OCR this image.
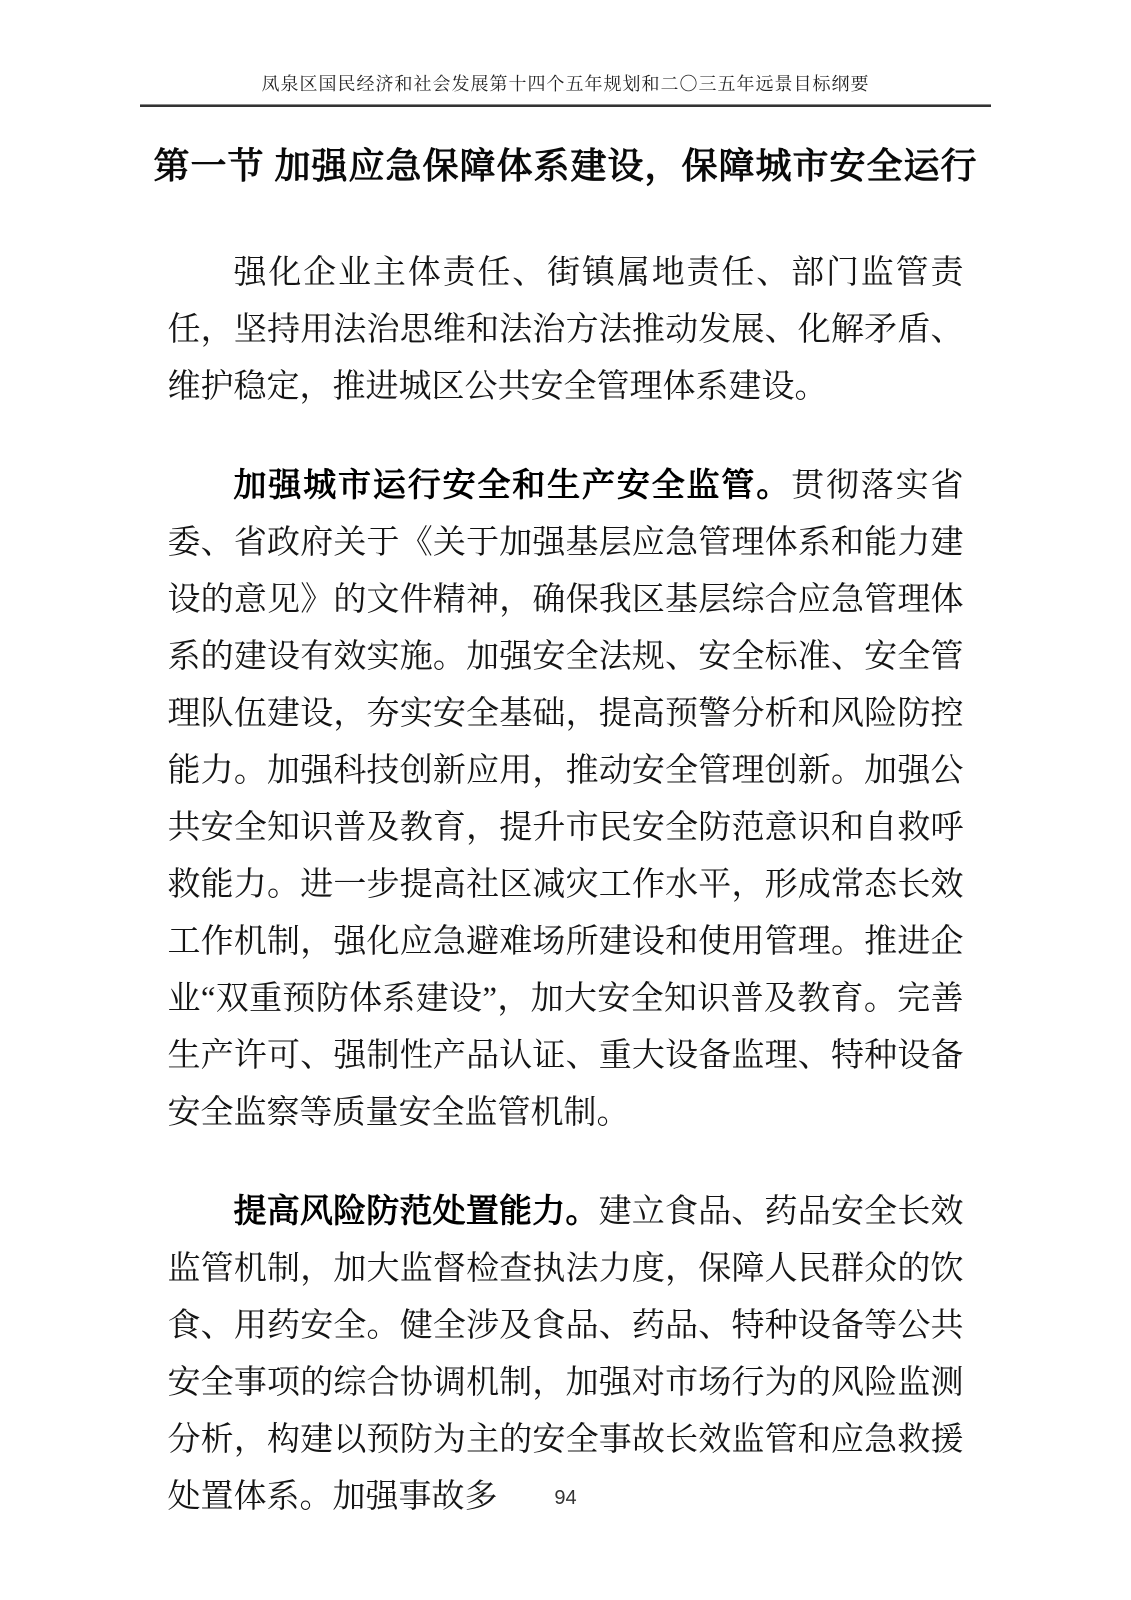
凤泉区国民经济和社会发展第十四个五年规划和二〇三五年远景目标纲要
第一节 加强应急保障体系建设，保障城市安全运行

强化企业主体责任、街镇属地责任、部门监管责任，坚持用法治思维和法治方法推动发展、化解矛盾、维护稳定，推进城区公共安全管理体系建设。

加强城市运行安全和生产安全监管。贯彻落实省委、省政府关于《关于加强基层应急管理体系和能力建设的意见》的文件精神，确保我区基层综合应急管理体系的建设有效实施。加强安全法规、安全标准、安全管理队伍建设，夯实安全基础，提高预警分析和风险防控能力。加强科技创新应用，推动安全管理创新。加强公共安全知识普及教育，提升市民安全防范意识和自救呼救能力。进一步提高社区减灾工作水平，形成常态长效工作机制，强化应急避难场所建设和使用管理。推进企业“双重预防体系建设”，加大安全知识普及教育。完善生产许可、强制性产品认证、重大设备监理、特种设备安全监察等质量安全监管机制。

提高风险防范处置能力。建立食品、药品安全长效监管机制，加大监督检查执法力度，保障人民群众的饮食、用药安全。健全涉及食品、药品、特种设备等公共安全事项的综合协调机制，加强对市场行为的风险监测分析，构建以预防为主的安全事故长效监管和应急救援处置体系。加强事故多	94
